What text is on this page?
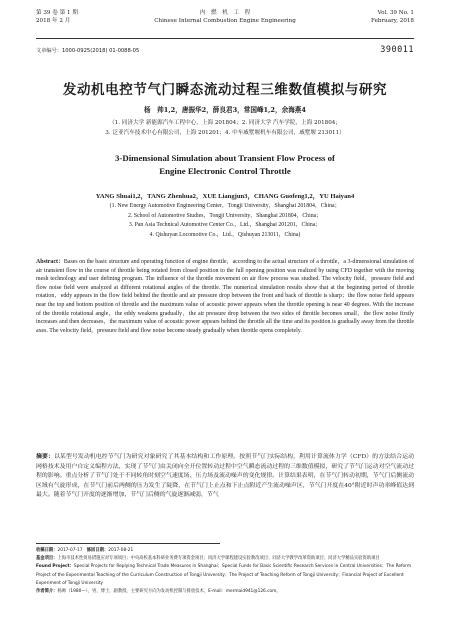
第 39 卷 第 1 期
2018 年 2 月
内　燃　机　工　程
Chinese Internal Combustion Engine Engineering
Vol. 39 No. 1
February, 2018
文章编号：1000-0925(2018) 01-0088-05	390011
发动机电控节气门瞬态流动过程三维数值模拟与研究
杨　帅1,2，唐振华2，薛良君3，常国峰1,2，余海燕4
（1. 同济大学 新能源汽车工程中心，上海 201804；2. 同济大学 汽车学院，上海 201804；
3. 泛亚汽车技术中心有限公司，上海 201201；4. 中车戚墅堰机车有限公司，戚墅堰 213011）
3-Dimensional Simulation about Transient Flow Process of
Engine Electronic Control Throttle
YANG Shuai1,2，TANG Zhenhua2，XUE Liangjun3，CHANG Guofeng1,2，YU Haiyan4
(1. New Energy Automotive Engineering Center，Tongji University，Shanghai 201804，China；
2. School of Automotive Studies，Tongji University，Shanghai 201804，China；
3. Pan Asia Technical Automotive Center Co.，Ltd.，Shanghai 201201，China；
4. Qishuyan Locomotive Co.，Ltd.，Qishuyan 213011，China)
Abstract：Bases on the basic structure and operating function of engine throttle，according to the actual structure of a throttle，a 3-dimensional simulation of air transient flow in the course of throttle being rotated from closed position to the full opening position was realized by using CFD together with the moving mesh technology and user defining program. The influence of the throttle movement on air flow process was studied. The velocity field，pressure field and flow noise field were analyzed at different rotational angles of the throttle. The numerical simulation results show that at the beginning period of throttle rotation，eddy appears in the flow field behind the throttle and air pressure drop between the front and back of throttle is sharp；the flow noise field appears near the top and bottom position of throttle and the maximum value of acoustic power appears when the throttle opening is near 40 degrees. With the increase of the throttle rotational angle，the eddy weakens gradually，the air pressure drop between the two sides of throttle becomes small，the flow noise firstly increases and then decreases，the maximum value of acoustic power appears behind the throttle all the time and its position is gradually away from the throttle axes. The velocity field，pressure field and flow noise become steady gradually when throttle opens completely.
摘要：以某型号发动机电控节气门为研究对象研究了其基本结构和工作原理。按照节气门实际结构，利用计算流体力学（CFD）的方法结合运动网格技术及用户自定义编程方法，实现了节气门由关闭向全开位置转动过程中空气瞬态流动过程的三维数值模拟，研究了节气门运动对空气流动过程的影响。重点分析了节气门处于不同转角时刻空气速度场、压力场及流动噪声的变化规律。计算结果表明，在节气门转动初期，节气门后侧流动区域有气旋形成，在节气门前后两侧的压力发生了陡降，在节气门上止点和下止点附近产生流动噪声区，节气门开度在40°附近时声功率峰值达到最大。随着节气门开度的逐渐增加，节气门后侧的气旋逐渐减弱，节气
收稿日期：2017-07-17　修回日期：2017-08-21
基金项目：上海市技术性贸易措施应对专项项目；中央高校基本科研业务费专项资金项目；同济大学课程建设实验教改项目；同济大学教学改革资助项目；同济大学精品实验资助项目
Found Project：Special Projects for Replying Technical Trade Measures in Shanghai；Special Funds for Basic Scientific Research Services in Central Universities；The Reform Project of the Experimental Teaching of the Curriculum Construction of Tongji University；The Project of Teaching Reform of Tongji University；Financial Project of Excellent Experiment of Tongji University
作者简介：杨帅（1980—），男，博士，副教授，主要研究方向为发动机控制与排放技术，E-mail：mermaid941@126.com。
